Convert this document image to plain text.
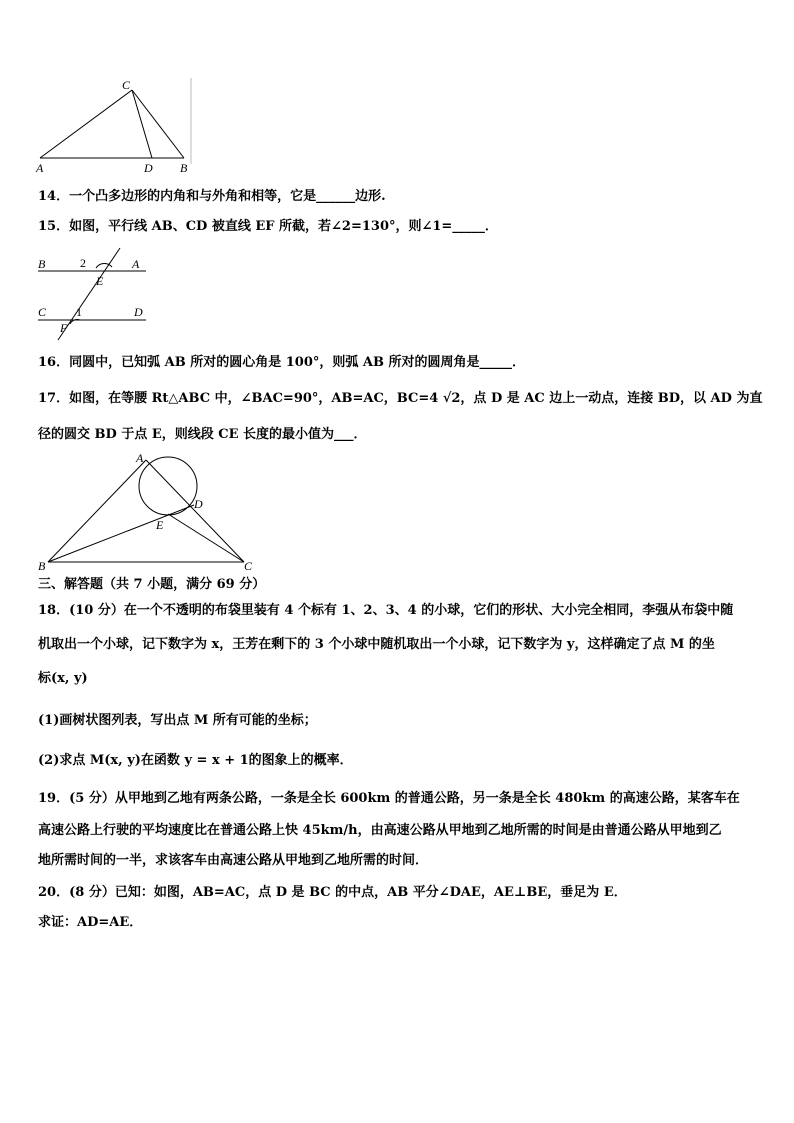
C
A	D B
14．一个凸多边形的内角和与外角和相等，它是______边形.
15．如图，平行线 AB、CD 被直线 EF 所截，若∠2=130°，则∠1=_____．
B	A
2
E
C 1	D
F
16．同圆中，已知弧 AB 所对的圆心角是 100°，则弧 AB 所对的圆周角是_____．
17．如图，在等腰 Rt△ABC 中，∠BAC=90°，AB=AC，BC=4 √2，点 D 是 AC 边上一动点，连接 BD，以 AD 为直
径的圆交 BD 于点 E，则线段 CE 长度的最小值为___．
A
D
E
B	C
三、解答题（共 7 小题，满分 69 分）
18．(10 分）在一个不透明的布袋里装有 4 个标有 1、2、3、4 的小球，它们的形状、大小完全相同，李强从布袋中随
机取出一个小球，记下数字为 x，王芳在剩下的 3 个小球中随机取出一个小球，记下数字为 y，这样确定了点 M 的坐
标(x, y)
(1)画树状图列表，写出点 M 所有可能的坐标；
(2)求点 M(x, y)在函数 y = x + 1的图象上的概率．
19．(5 分）从甲地到乙地有两条公路，一条是全长 600km 的普通公路，另一条是全长 480km 的高速公路，某客车在
高速公路上行驶的平均速度比在普通公路上快 45km/h，由高速公路从甲地到乙地所需的时间是由普通公路从甲地到乙
地所需时间的一半，求该客车由高速公路从甲地到乙地所需的时间．
20．(8 分）已知：如图，AB=AC，点 D 是 BC 的中点，AB 平分∠DAE，AE⊥BE，垂足为 E．
求证：AD=AE．
